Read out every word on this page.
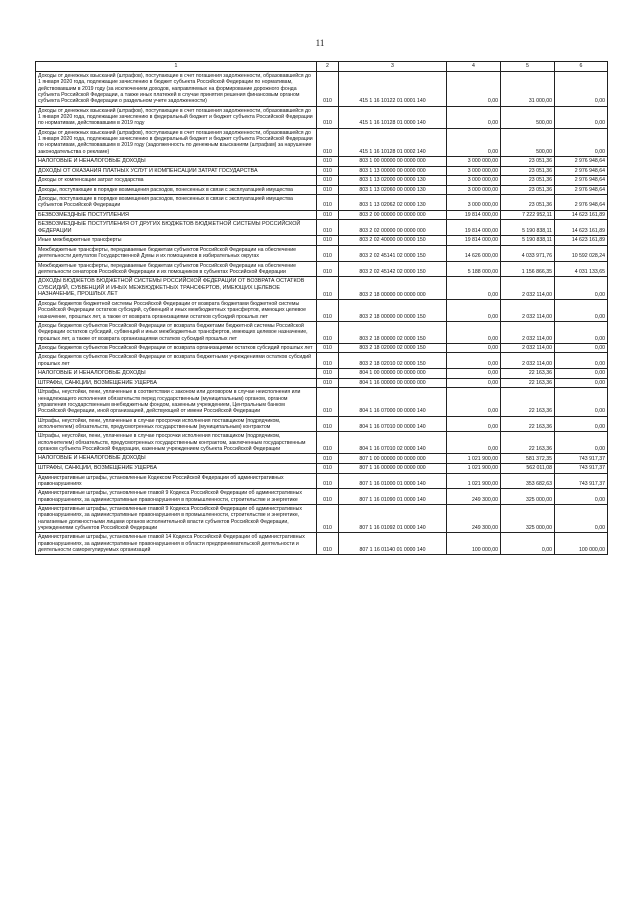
11
1	2	3	4	5	6
Доходы от денежных взысканий (штрафов), поступающие в счет погашения задолженности, образовавшейся до 1 января 2020 года, подлежащие зачислению в бюджет субъекта Российской Федерации по нормативам, действовавшим в 2019 году (за исключением доходов, направляемых на формирование дорожного фонда субъекта Российской Федерации, а также иных платежей в случае принятия решения финансовым органом субъекта Российской Федерации о раздельном учете задолженности)	010	415 1 16 10122 01 0001 140	0,00	31 000,00	0,00
Доходы от денежных взысканий (штрафов), поступающие в счет погашения задолженности, образовавшейся до 1 января 2020 года, подлежащие зачислению в федеральный бюджет и бюджет субъекта Российской Федерации по нормативам, действовавшим в 2019 году	010	415 1 16 10128 01 0000 140	0,00	500,00	0,00
Доходы от денежных взысканий (штрафов), поступающие в счет погашения задолженности, образовавшейся до 1 января 2020 года, подлежащие зачислению в федеральный бюджет и бюджет субъекта Российской Федерации по нормативам, действовавшим в 2019 году (задолженность по денежным взысканиям (штрафам) за нарушение законодательства о рекламе)	010	415 1 16 10128 01 0002 140	0,00	500,00	0,00
НАЛОГОВЫЕ И НЕНАЛОГОВЫЕ ДОХОДЫ	010	803 1 00 00000 00 0000 000	3 000 000,00	23 051,36	2 976 948,64
ДОХОДЫ ОТ ОКАЗАНИЯ ПЛАТНЫХ УСЛУГ И КОМПЕНСАЦИИ ЗАТРАТ ГОСУДАРСТВА	010	803 1 13 00000 00 0000 000	3 000 000,00	23 051,36	2 976 948,64
Доходы от компенсации затрат государства	010	803 1 13 02000 00 0000 130	3 000 000,00	23 051,36	2 976 948,64
Доходы, поступающие в порядке возмещения расходов, понесенных в связи с эксплуатацией имущества	010	803 1 13 02060 00 0000 130	3 000 000,00	23 051,36	2 976 948,64
Доходы, поступающие в порядке возмещения расходов, понесенных в связи с эксплуатацией имущества субъектов Российской Федерации	010	803 1 13 02062 02 0000 130	3 000 000,00	23 051,36	2 976 948,64
БЕЗВОЗМЕЗДНЫЕ ПОСТУПЛЕНИЯ	010	803 2 00 00000 00 0000 000	19 814 000,00	7 222 952,11	14 623 161,89
БЕЗВОЗМЕЗДНЫЕ ПОСТУПЛЕНИЯ ОТ ДРУГИХ БЮДЖЕТОВ БЮДЖЕТНОЙ СИСТЕМЫ РОССИЙСКОЙ ФЕДЕРАЦИИ	010	803 2 02 00000 00 0000 000	19 814 000,00	5 190 838,11	14 623 161,89
Иные межбюджетные трансферты	010	803 2 02 40000 00 0000 150	19 814 000,00	5 190 838,11	14 623 161,89
Межбюджетные трансферты, передаваемые бюджетам субъектов Российской Федерации на обеспечение деятельности депутатов Государственной Думы и их помощников в избирательных округах	010	803 2 02 45141 02 0000 150	14 626 000,00	4 033 971,76	10 592 028,24
Межбюджетные трансферты, передаваемые бюджетам субъектов Российской Федерации на обеспечение деятельности сенаторов Российской Федерации и их помощников в субъектах Российской Федерации	010	803 2 02 45142 02 0000 150	5 188 000,00	1 156 866,35	4 031 133,65
ДОХОДЫ БЮДЖЕТОВ БЮДЖЕТНОЙ СИСТЕМЫ РОССИЙСКОЙ ФЕДЕРАЦИИ ОТ ВОЗВРАТА ОСТАТКОВ СУБСИДИЙ, СУБВЕНЦИЙ И ИНЫХ МЕЖБЮДЖЕТНЫХ ТРАНСФЕРТОВ, ИМЕЮЩИХ ЦЕЛЕВОЕ НАЗНАЧЕНИЕ, ПРОШЛЫХ ЛЕТ	010	803 2 18 00000 00 0000 000	0,00	2 032 114,00	0,00
Доходы бюджетов бюджетной системы Российской Федерации от возврата бюджетами бюджетной системы Российской Федерации остатков субсидий, субвенций и иных межбюджетных трансфертов, имеющих целевое назначение, прошлых лет, а также от возврата организациями остатков субсидий прошлых лет	010	803 2 18 00000 00 0000 150	0,00	2 032 114,00	0,00
Доходы бюджетов субъектов Российской Федерации от возврата бюджетами бюджетной системы Российской Федерации остатков субсидий, субвенций и иных межбюджетных трансфертов, имеющих целевое назначение, прошлых лет, а также от возврата организациями остатков субсидий прошлых лет	010	803 2 18 00000 02 0000 150	0,00	2 032 114,00	0,00
Доходы бюджетов субъектов Российской Федерации от возврата организациями остатков субсидий прошлых лет	010	803 2 18 02000 02 0000 150	0,00	2 032 114,00	0,00
Доходы бюджетов субъектов Российской Федерации от возврата бюджетными учреждениями остатков субсидий прошлых лет	010	803 2 18 02010 02 0000 150	0,00	2 032 114,00	0,00
НАЛОГОВЫЕ И НЕНАЛОГОВЫЕ ДОХОДЫ	010	804 1 00 00000 00 0000 000	0,00	22 163,36	0,00
ШТРАФЫ, САНКЦИИ, ВОЗМЕЩЕНИЕ УЩЕРБА	010	804 1 16 00000 00 0000 000	0,00	22 163,36	0,00
Штрафы, неустойки, пени, уплаченные в соответствии с законом или договором в случае неисполнения или ненадлежащего исполнения обязательств перед государственным (муниципальным) органом, органом управления государственным внебюджетным фондом, казенным учреждением, Центральным банком Российской Федерации, иной организацией, действующей от имени Российской Федерации	010	804 1 16 07000 00 0000 140	0,00	22 163,36	0,00
Штрафы, неустойки, пени, уплаченные в случае просрочки исполнения поставщиком (подрядчиком, исполнителем) обязательств, предусмотренных государственным (муниципальным) контрактом	010	804 1 16 07010 00 0000 140	0,00	22 163,36	0,00
Штрафы, неустойки, пени, уплаченные в случае просрочки исполнения поставщиком (подрядчиком, исполнителем) обязательств, предусмотренных государственным контрактом, заключенным государственным органом субъекта Российской Федерации, казенным учреждением субъекта Российской Федерации	010	804 1 16 07010 02 0000 140	0,00	22 163,36	0,00
НАЛОГОВЫЕ И НЕНАЛОГОВЫЕ ДОХОДЫ	010	807 1 00 00000 00 0000 000	1 021 900,00	581 372,35	743 917,37
ШТРАФЫ, САНКЦИИ, ВОЗМЕЩЕНИЕ УЩЕРБА	010	807 1 16 00000 00 0000 000	1 021 900,00	562 011,08	743 917,37
Административные штрафы, установленные Кодексом Российской Федерации об административных правонарушениях	010	807 1 16 01000 01 0000 140	1 021 900,00	353 682,63	743 917,37
Административные штрафы, установленные главой 9 Кодекса Российской Федерации об административных правонарушениях, за административные правонарушения в промышленности, строительстве и энергетике	010	807 1 16 01090 01 0000 140	249 300,00	325 000,00	0,00
Административные штрафы, установленные главой 9 Кодекса Российской Федерации об административных правонарушениях, за административные правонарушения в промышленности, строительстве и энергетике, налагаемые должностными лицами органов исполнительной власти субъектов Российской Федерации, учреждениями субъектов Российской Федерации	010	807 1 16 01092 01 0000 140	249 300,00	325 000,00	0,00
Административные штрафы, установленные главой 14 Кодекса Российской Федерации об административных правонарушениях, за административные правонарушения в области предпринимательской деятельности и деятельности саморегулируемых организаций	010	807 1 16 01140 01 0000 140	100 000,00	0,00	100 000,00
